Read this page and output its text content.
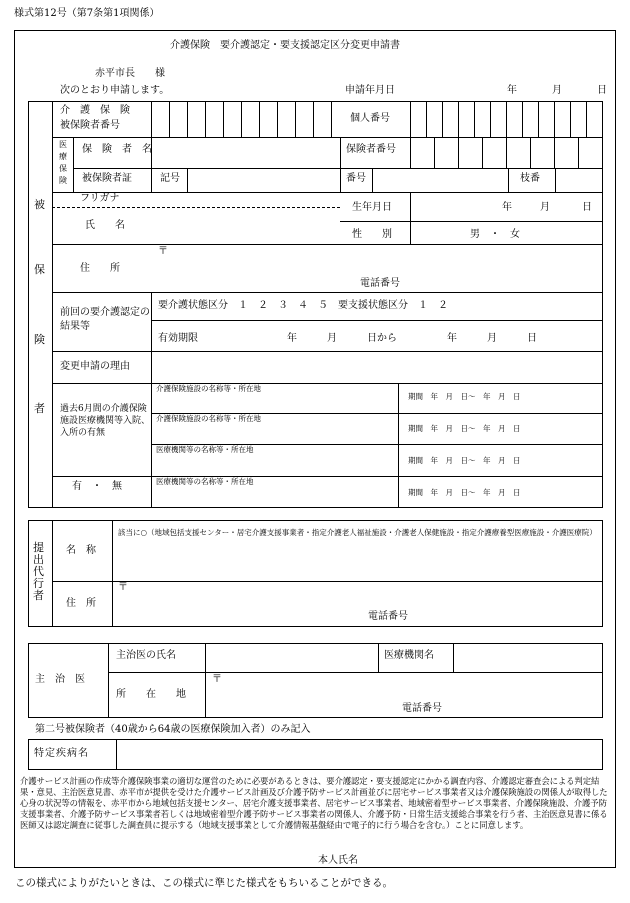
様式第12号（第7条第1項関係）
介護保険　要介護認定・要支援認定区分変更申請書
赤平市長　　様
次のとおり申請します。	申請年月日	年	月	日
被
保
険
者
介　護　保　険
被保険者番号
個人番号
医
療
保
険
保　険　者　名	保険者番号
被保険者証	記号	番号	枝番
フリガナ
氏　　名
生年月日	年	月	日
性　　別	男　・　女
住　　所
〒
電話番号
前回の要介護認定の結果等
要介護状態区分　１　２　３　４　５　要支援状態区分　１　２
有効期限	年　　　月　　　日から　　　　　年　　　月　　　日
変更申請の理由
過去6月間の介護保険施設医療機関等入院、入所の有無
有　・　無
介護保険施設の名称等・所在地
期間　年　月　日～　年　月　日
介護保険施設の名称等・所在地
期間　年　月　日～　年　月　日
医療機関等の名称等・所在地
期間　年　月　日～　年　月　日
医療機関等の名称等・所在地
期間　年　月　日～　年　月　日
提
出
代
行
者
名　称
該当に○（地域包括支援センター・居宅介護支援事業者・指定介護老人福祉施設・介護老人保健施設・指定介護療養型医療施設・介護医療院）
住　所
〒
電話番号
主　治　医
主治医の氏名	医療機関名
所　　在　　地
〒
電話番号
第二号被保険者（40歳から64歳の医療保険加入者）のみ記入
特定疾病名
介護サービス計画の作成等介護保険事業の適切な運営のために必要があるときは、要介護認定・要支援認定にかかる調査内容、介護認定審査会による判定結果・意見、主治医意見書、赤平市が提供を受けた介護サービス計画及び介護予防サービス計画並びに居宅サービス事業者又は介護保険施設の関係人が取得した心身の状況等の情報を、赤平市から地域包括支援センター、居宅介護支援事業者、居宅サービス事業者、地域密着型サービス事業者、介護保険施設、介護予防支援事業者、介護予防サービス事業者若しくは地域密着型介護予防サービス事業者の関係人、介護予防・日常生活支援総合事業を行う者、主治医意見書に係る医師又は認定調査に従事した調査員に提示する（地域支援事業として介護情報基盤経由で電子的に行う場合を含む。）ことに同意します。
本人氏名
この様式によりがたいときは、この様式に準じた様式をもちいることができる。
